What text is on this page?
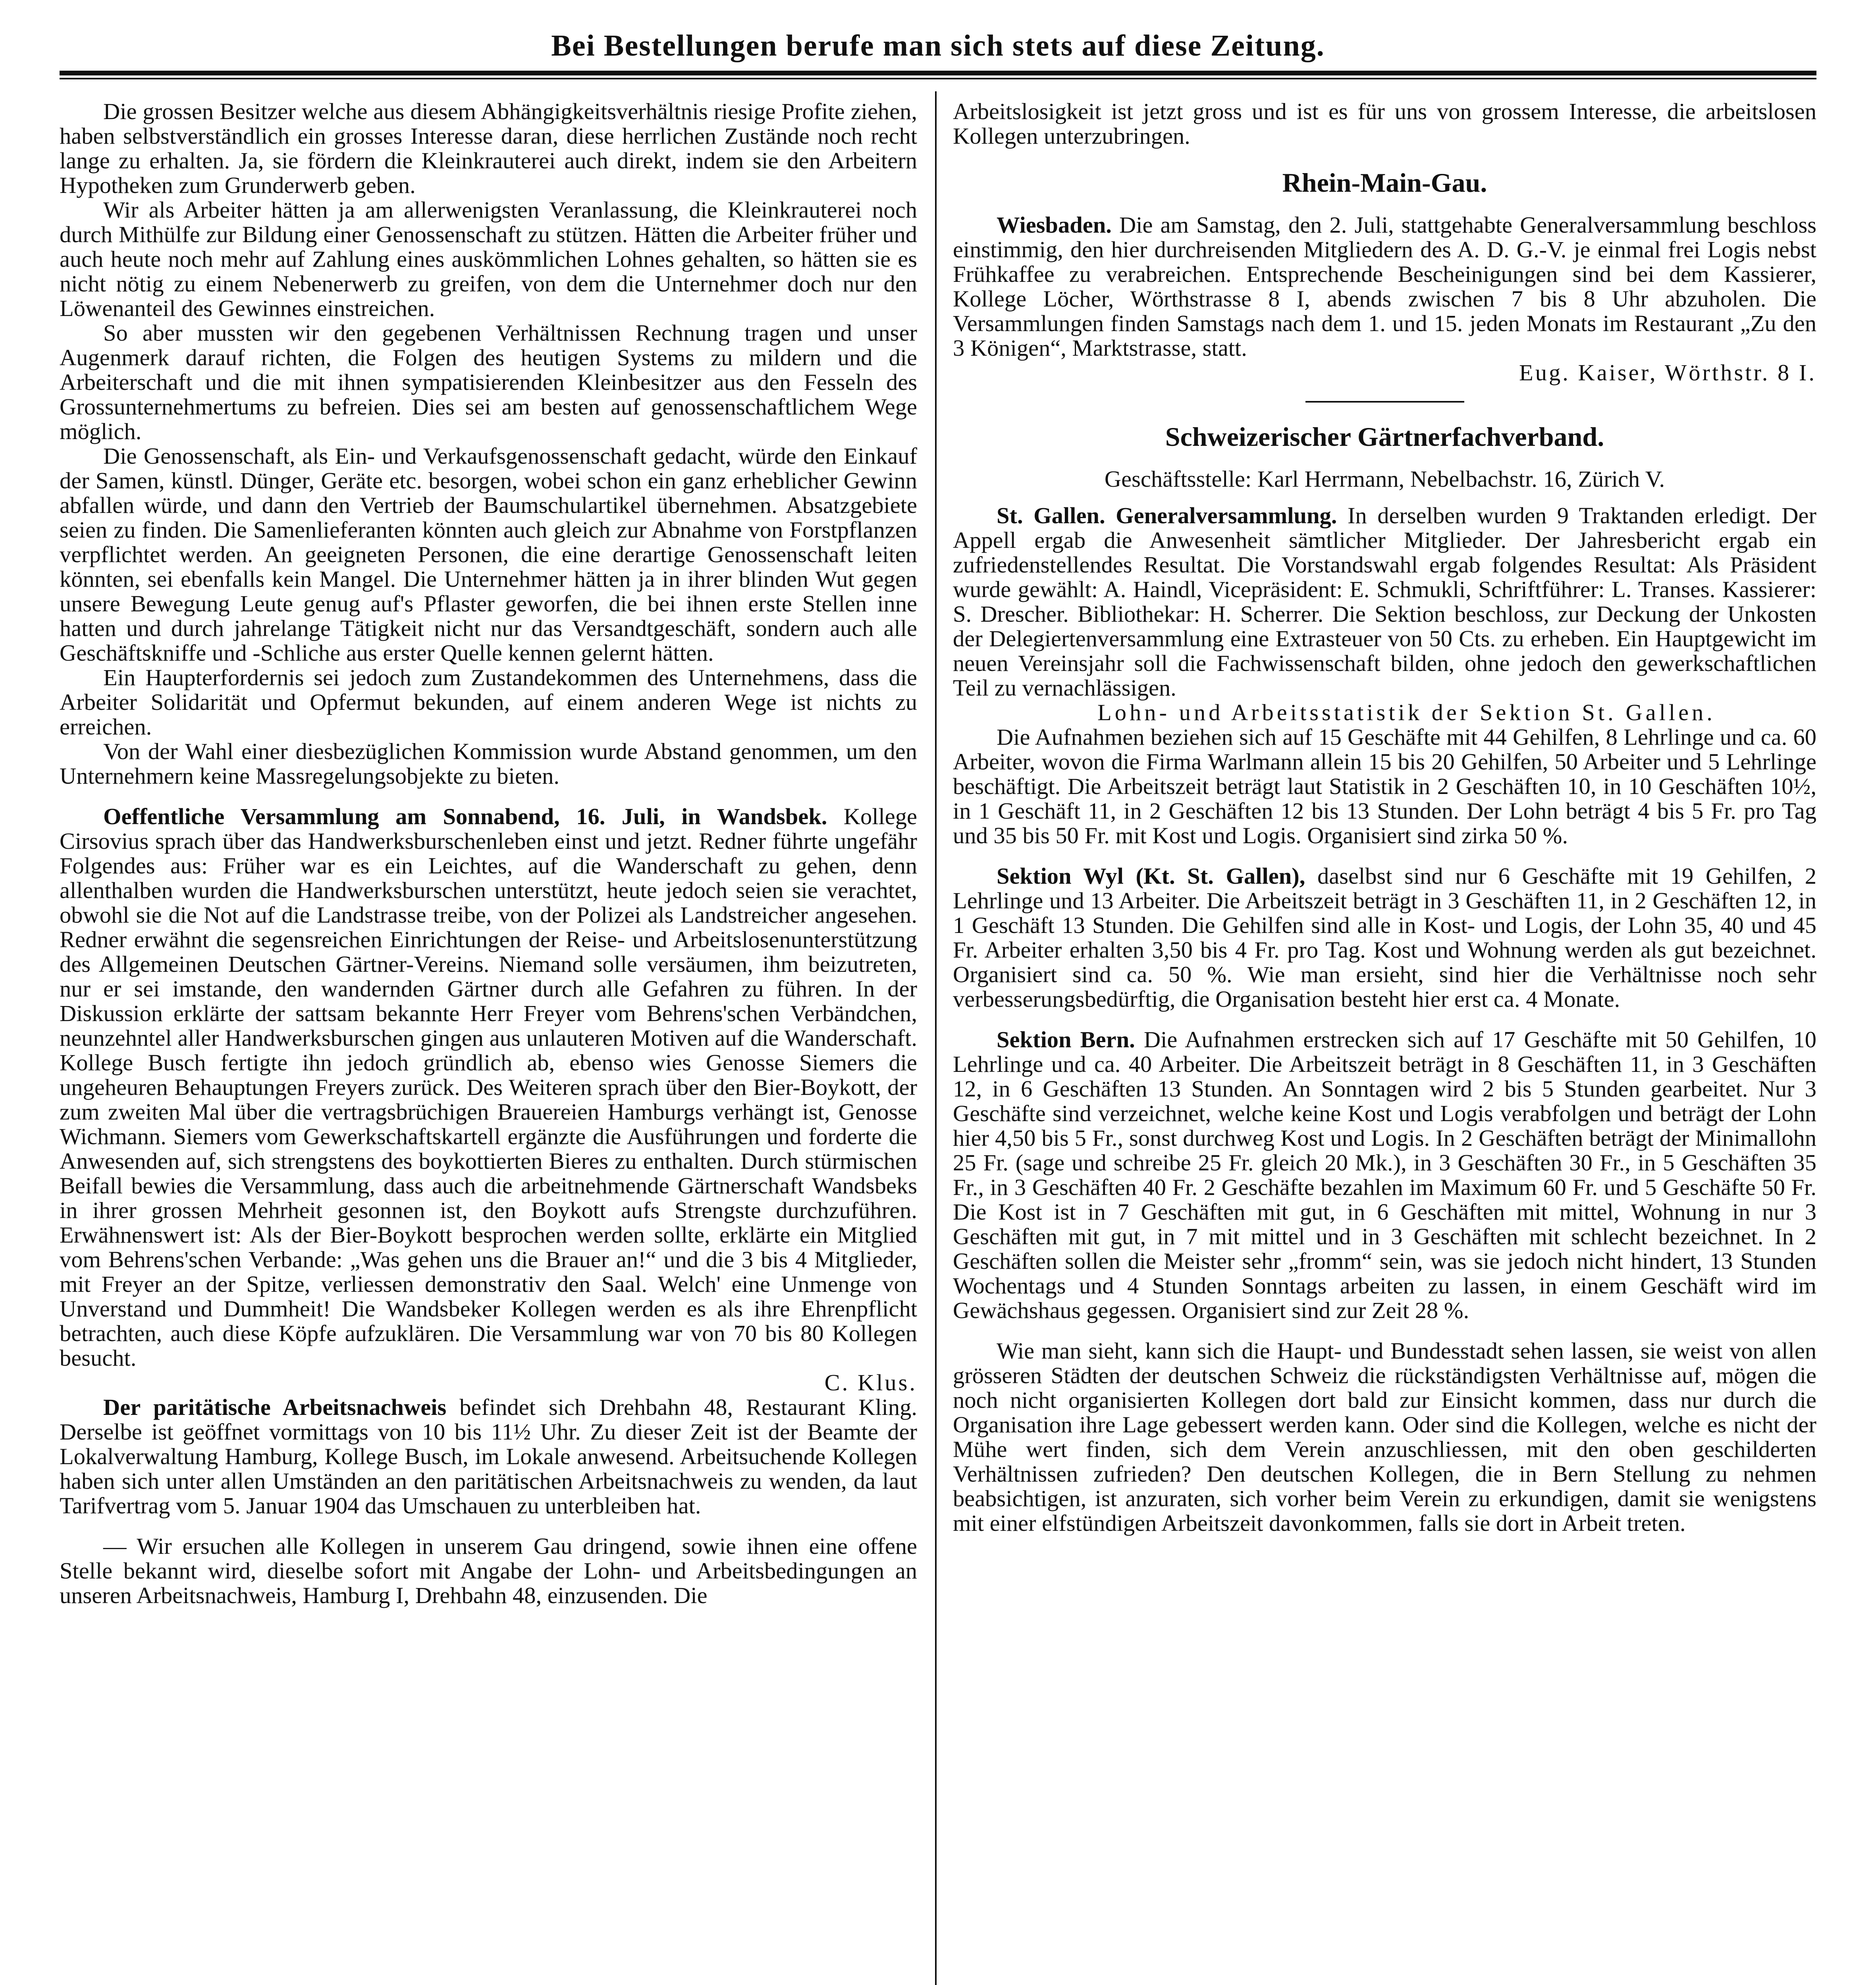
Bei Bestellungen berufe man sich stets auf diese Zeitung.

Die grossen Besitzer welche aus diesem Abhängigkeitsverhältnis riesige Profite ziehen, haben selbstverständlich ein grosses Interesse daran, diese herrlichen Zustände noch recht lange zu erhalten. Ja, sie fördern die Kleinkrauterei auch direkt, indem sie den Arbeitern Hypotheken zum Grunderwerb geben.

Wir als Arbeiter hätten ja am allerwenigsten Veranlassung, die Kleinkrauterei noch durch Mithülfe zur Bildung einer Genossenschaft zu stützen. Hätten die Arbeiter früher und auch heute noch mehr auf Zahlung eines auskömmlichen Lohnes gehalten, so hätten sie es nicht nötig zu einem Nebenerwerb zu greifen, von dem die Unternehmer doch nur den Löwenanteil des Gewinnes einstreichen.

So aber mussten wir den gegebenen Verhältnissen Rechnung tragen und unser Augenmerk darauf richten, die Folgen des heutigen Systems zu mildern und die Arbeiterschaft und die mit ihnen sympatisierenden Kleinbesitzer aus den Fesseln des Grossunternehmertums zu befreien. Dies sei am besten auf genossenschaftlichem Wege möglich.

Die Genossenschaft, als Ein- und Verkaufsgenossenschaft gedacht, würde den Einkauf der Samen, künstl. Dünger, Geräte etc. besorgen, wobei schon ein ganz erheblicher Gewinn abfallen würde, und dann den Vertrieb der Baumschulartikel übernehmen. Absatzgebiete seien zu finden. Die Samenlieferanten könnten auch gleich zur Abnahme von Forstpflanzen verpflichtet werden. An geeigneten Personen, die eine derartige Genossenschaft leiten könnten, sei ebenfalls kein Mangel. Die Unternehmer hätten ja in ihrer blinden Wut gegen unsere Bewegung Leute genug auf's Pflaster geworfen, die bei ihnen erste Stellen inne hatten und durch jahrelange Tätigkeit nicht nur das Versandtgeschäft, sondern auch alle Geschäftskniffe und -Schliche aus erster Quelle kennen gelernt hätten.

Ein Haupterfordernis sei jedoch zum Zustandekommen des Unternehmens, dass die Arbeiter Solidarität und Opfermut bekunden, auf einem anderen Wege ist nichts zu erreichen.

Von der Wahl einer diesbezüglichen Kommission wurde Abstand genommen, um den Unternehmern keine Massregelungsobjekte zu bieten.

Oeffentliche Versammlung am Sonnabend, 16. Juli, in Wandsbek. Kollege Cirsovius sprach über das Handwerksburschenleben einst und jetzt. Redner führte ungefähr Folgendes aus: Früher war es ein Leichtes, auf die Wanderschaft zu gehen, denn allenthalben wurden die Handwerksburschen unterstützt, heute jedoch seien sie verachtet, obwohl sie die Not auf die Landstrasse treibe, von der Polizei als Landstreicher angesehen. Redner erwähnt die segensreichen Einrichtungen der Reise- und Arbeitslosenunterstützung des Allgemeinen Deutschen Gärtner-Vereins. Niemand solle versäumen, ihm beizutreten, nur er sei imstande, den wandernden Gärtner durch alle Gefahren zu führen. In der Diskussion erklärte der sattsam bekannte Herr Freyer vom Behrens'schen Verbändchen, neunzehntel aller Handwerksburschen gingen aus unlauteren Motiven auf die Wanderschaft. Kollege Busch fertigte ihn jedoch gründlich ab, ebenso wies Genosse Siemers die ungeheuren Behauptungen Freyers zurück. Des Weiteren sprach über den Bier-Boykott, der zum zweiten Mal über die vertragsbrüchigen Brauereien Hamburgs verhängt ist, Genosse Wichmann. Siemers vom Gewerkschaftskartell ergänzte die Ausführungen und forderte die Anwesenden auf, sich strengstens des boykottierten Bieres zu enthalten. Durch stürmischen Beifall bewies die Versammlung, dass auch die arbeitnehmende Gärtnerschaft Wandsbeks in ihrer grossen Mehrheit gesonnen ist, den Boykott aufs Strengste durchzuführen. Erwähnenswert ist: Als der Bier-Boykott besprochen werden sollte, erklärte ein Mitglied vom Behrens'schen Verbande: „Was gehen uns die Brauer an!“ und die 3 bis 4 Mitglieder, mit Freyer an der Spitze, verliessen demonstrativ den Saal. Welch' eine Unmenge von Unverstand und Dummheit! Die Wandsbeker Kollegen werden es als ihre Ehrenpflicht betrachten, auch diese Köpfe aufzuklären. Die Versammlung war von 70 bis 80 Kollegen besucht.

C. Klus.

Der paritätische Arbeitsnachweis befindet sich Drehbahn 48, Restaurant Kling. Derselbe ist geöffnet vormittags von 10 bis 11½ Uhr. Zu dieser Zeit ist der Beamte der Lokalverwaltung Hamburg, Kollege Busch, im Lokale anwesend. Arbeitsuchende Kollegen haben sich unter allen Umständen an den paritätischen Arbeitsnachweis zu wenden, da laut Tarifvertrag vom 5. Januar 1904 das Umschauen zu unterbleiben hat.

— Wir ersuchen alle Kollegen in unserem Gau dringend, sowie ihnen eine offene Stelle bekannt wird, dieselbe sofort mit Angabe der Lohn- und Arbeitsbedingungen an unseren Arbeitsnachweis, Hamburg I, Drehbahn 48, einzusenden. Die

Arbeitslosigkeit ist jetzt gross und ist es für uns von grossem Interesse, die arbeitslosen Kollegen unterzubringen.

Rhein-Main-Gau.

Wiesbaden. Die am Samstag, den 2. Juli, stattgehabte Generalversammlung beschloss einstimmig, den hier durchreisenden Mitgliedern des A. D. G.-V. je einmal frei Logis nebst Frühkaffee zu verabreichen. Entsprechende Bescheinigungen sind bei dem Kassierer, Kollege Löcher, Wörthstrasse 8 I, abends zwischen 7 bis 8 Uhr abzuholen. Die Versammlungen finden Samstags nach dem 1. und 15. jeden Monats im Restaurant „Zu den 3 Königen“, Marktstrasse, statt.

Eug. Kaiser, Wörthstr. 8 I.

Schweizerischer Gärtnerfachverband.
Geschäftsstelle: Karl Herrmann, Nebelbachstr. 16, Zürich V.

St. Gallen. Generalversammlung. In derselben wurden 9 Traktanden erledigt. Der Appell ergab die Anwesenheit sämtlicher Mitglieder. Der Jahresbericht ergab ein zufriedenstellendes Resultat. Die Vorstandswahl ergab folgendes Resultat: Als Präsident wurde gewählt: A. Haindl, Vicepräsident: E. Schmukli, Schriftführer: L. Transes. Kassierer: S. Drescher. Bibliothekar: H. Scherrer. Die Sektion beschloss, zur Deckung der Unkosten der Delegiertenversammlung eine Extrasteuer von 50 Cts. zu erheben. Ein Hauptgewicht im neuen Vereinsjahr soll die Fachwissenschaft bilden, ohne jedoch den gewerkschaftlichen Teil zu vernachlässigen.

Lohn- und Arbeitsstatistik der Sektion St. Gallen.

Die Aufnahmen beziehen sich auf 15 Geschäfte mit 44 Gehilfen, 8 Lehrlinge und ca. 60 Arbeiter, wovon die Firma Warlmann allein 15 bis 20 Gehilfen, 50 Arbeiter und 5 Lehrlinge beschäftigt. Die Arbeitszeit beträgt laut Statistik in 2 Geschäften 10, in 10 Geschäften 10½, in 1 Geschäft 11, in 2 Geschäften 12 bis 13 Stunden. Der Lohn beträgt 4 bis 5 Fr. pro Tag und 35 bis 50 Fr. mit Kost und Logis. Organisiert sind zirka 50 %.

Sektion Wyl (Kt. St. Gallen), daselbst sind nur 6 Geschäfte mit 19 Gehilfen, 2 Lehrlinge und 13 Arbeiter. Die Arbeitszeit beträgt in 3 Geschäften 11, in 2 Geschäften 12, in 1 Geschäft 13 Stunden. Die Gehilfen sind alle in Kost- und Logis, der Lohn 35, 40 und 45 Fr. Arbeiter erhalten 3,50 bis 4 Fr. pro Tag. Kost und Wohnung werden als gut bezeichnet. Organisiert sind ca. 50 %. Wie man ersieht, sind hier die Verhältnisse noch sehr verbesserungsbedürftig, die Organisation besteht hier erst ca. 4 Monate.

Sektion Bern. Die Aufnahmen erstrecken sich auf 17 Geschäfte mit 50 Gehilfen, 10 Lehrlinge und ca. 40 Arbeiter. Die Arbeitszeit beträgt in 8 Geschäften 11, in 3 Geschäften 12, in 6 Geschäften 13 Stunden. An Sonntagen wird 2 bis 5 Stunden gearbeitet. Nur 3 Geschäfte sind verzeichnet, welche keine Kost und Logis verabfolgen und beträgt der Lohn hier 4,50 bis 5 Fr., sonst durchweg Kost und Logis. In 2 Geschäften beträgt der Minimallohn 25 Fr. (sage und schreibe 25 Fr. gleich 20 Mk.), in 3 Geschäften 30 Fr., in 5 Geschäften 35 Fr., in 3 Geschäften 40 Fr. 2 Geschäfte bezahlen im Maximum 60 Fr. und 5 Geschäfte 50 Fr. Die Kost ist in 7 Geschäften mit gut, in 6 Geschäften mit mittel, Wohnung in nur 3 Geschäften mit gut, in 7 mit mittel und in 3 Geschäften mit schlecht bezeichnet. In 2 Geschäften sollen die Meister sehr „fromm“ sein, was sie jedoch nicht hindert, 13 Stunden Wochentags und 4 Stunden Sonntags arbeiten zu lassen, in einem Geschäft wird im Gewächshaus gegessen. Organisiert sind zur Zeit 28 %.

Wie man sieht, kann sich die Haupt- und Bundesstadt sehen lassen, sie weist von allen grösseren Städten der deutschen Schweiz die rückständigsten Verhältnisse auf, mögen die noch nicht organisierten Kollegen dort bald zur Einsicht kommen, dass nur durch die Organisation ihre Lage gebessert werden kann. Oder sind die Kollegen, welche es nicht der Mühe wert finden, sich dem Verein anzuschliessen, mit den oben geschilderten Verhältnissen zufrieden? Den deutschen Kollegen, die in Bern Stellung zu nehmen beabsichtigen, ist anzuraten, sich vorher beim Verein zu erkundigen, damit sie wenigstens mit einer elfstündigen Arbeitszeit davonkommen, falls sie dort in Arbeit treten.
